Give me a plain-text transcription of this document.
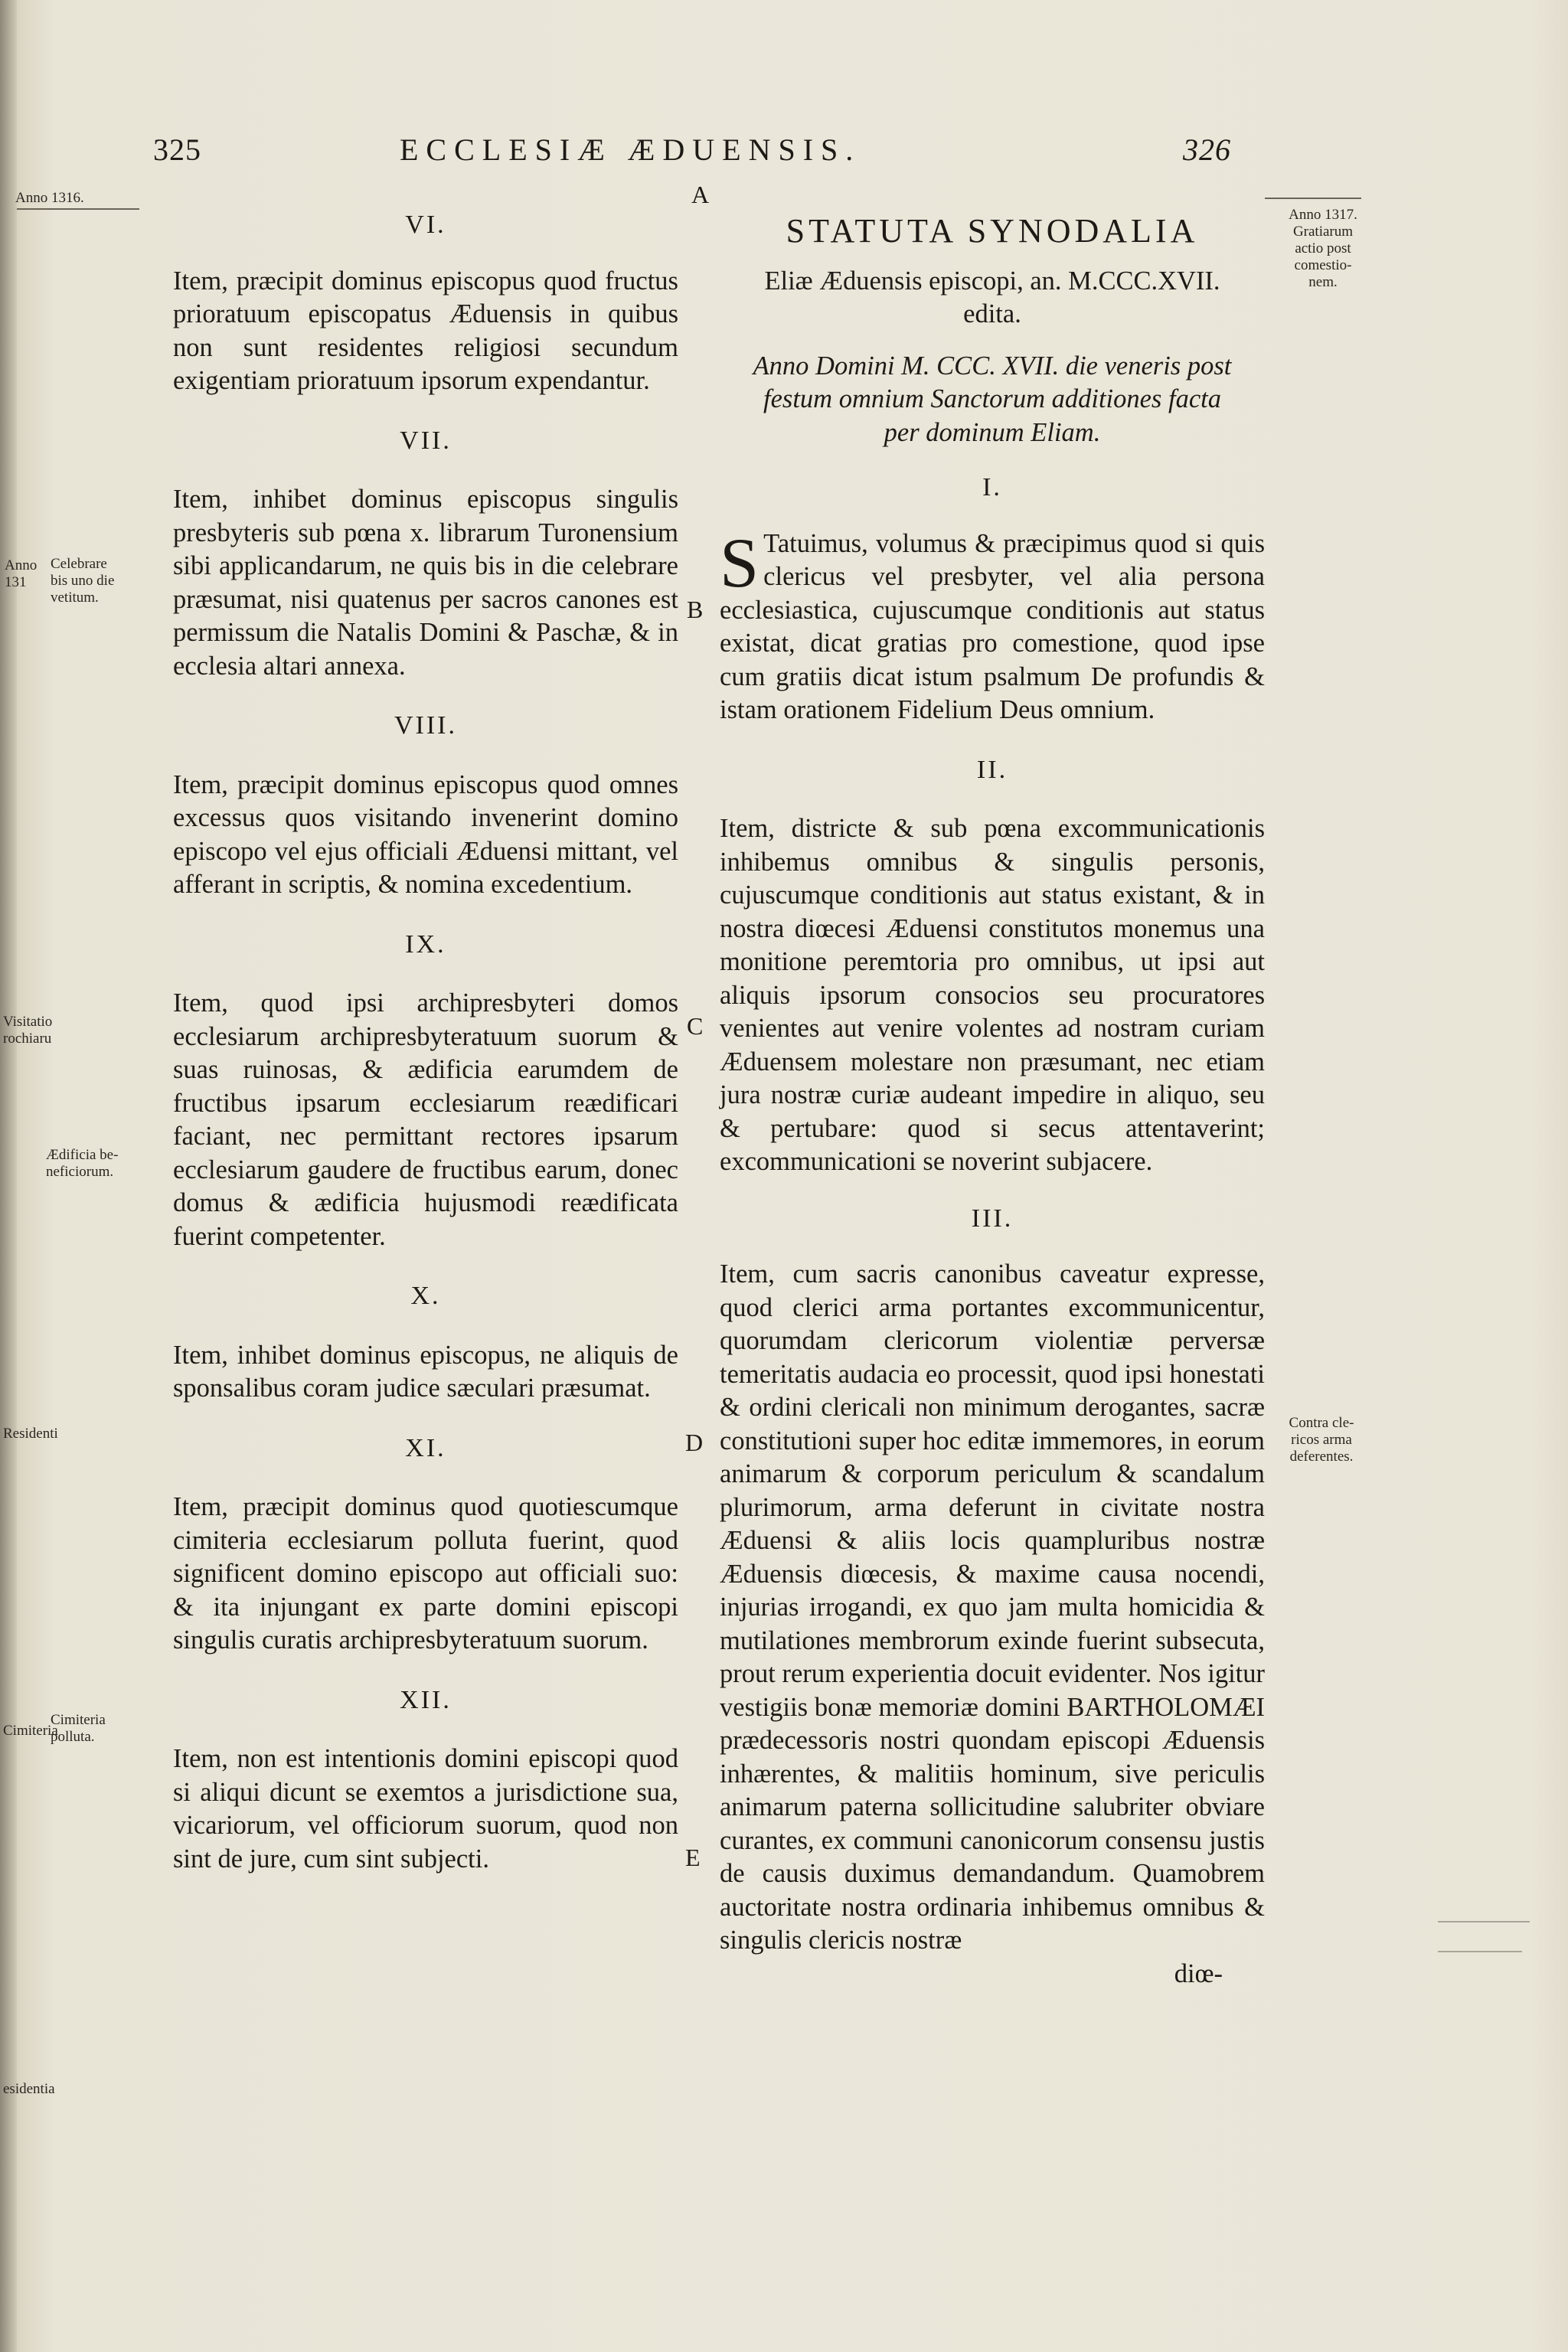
325	ECCLESIÆ ÆDUENSIS.	326
A
B
C
D
E
Anno 1316.
Anno 131
Celebrare
bis uno die
vetitum.
Visitatio
rochiaru
Ædificia be-
neficiorum.
Residenti
Cimiteria
polluta.
Cimiteria
esidentia
Anno 1317.
Gratiarum
actio post
comestio-
nem.
Contra cle-
ricos arma
deferentes.

VI.

Item, præcipit dominus episcopus quod fructus prioratuum episcopatus Æduensis in quibus non sunt residentes religiosi secundum exigentiam prioratuum ipsorum expendantur.

VII.

Item, inhibet dominus episcopus singulis presbyteris sub pœna x. librarum Turonensium sibi applicandarum, ne quis bis in die celebrare præsumat, nisi quatenus per sacros canones est permissum die Natalis Domini & Paschæ, & in ecclesia altari annexa.

VIII.

Item, præcipit dominus episcopus quod omnes excessus quos visitando invenerint domino episcopo vel ejus officiali Æduensi mittant, vel afferant in scriptis, & nomina excedentium.

IX.

Item, quod ipsi archipresbyteri domos ecclesiarum archipresbyteratuum suorum & suas ruinosas, & ædificia earumdem de fructibus ipsarum ecclesiarum reædificari faciant, nec permittant rectores ipsarum ecclesiarum gaudere de fructibus earum, donec domus & ædificia hujusmodi reædificata fuerint competenter.

X.

Item, inhibet dominus episcopus, ne aliquis de sponsalibus coram judice sæculari præsumat.

XI.

Item, præcipit dominus quod quotiescumque cimiteria ecclesiarum polluta fuerint, quod significent domino episcopo aut officiali suo: & ita injungant ex parte domini episcopi singulis curatis archipresbyteratuum suorum.

XII.

Item, non est intentionis domini episcopi quod si aliqui dicunt se exemtos a jurisdictione sua, vicariorum, vel officiorum suorum, quod non sint de jure, cum sint subjecti.

STATUTA SYNODALIA

Eliæ Æduensis episcopi, an. M.CCC.XVII.
edita.

Anno Domini M. CCC. XVII. die veneris post
festum omnium Sanctorum additiones facta
per dominum Eliam.

I.

S Tatuimus, volumus & præcipimus quod si quis clericus vel presbyter, vel alia persona ecclesiastica, cujuscumque conditionis aut status existat, dicat gratias pro comestione, quod ipse cum gratiis dicat istum psalmum De profundis & istam orationem Fidelium Deus omnium.

II.

Item, districte & sub pœna excommunicationis inhibemus omnibus & singulis personis, cujuscumque conditionis aut status existant, & in nostra diœcesi Æduensi constitutos monemus una monitione peremtoria pro omnibus, ut ipsi aut aliquis ipsorum consocios seu procuratores venientes aut venire volentes ad nostram curiam Æduensem molestare non præsumant, nec etiam jura nostræ curiæ audeant impedire in aliquo, seu & pertubare: quod si secus attentaverint; excommunicationi se noverint subjacere.

III.

Item, cum sacris canonibus caveatur expresse, quod clerici arma portantes excommunicentur, quorumdam clericorum violentiæ perversæ temeritatis audacia eo processit, quod ipsi honestati & ordini clericali non minimum derogantes, sacræ constitutioni super hoc editæ immemores, in eorum animarum & corporum periculum & scandalum plurimorum, arma deferunt in civitate nostra Æduensi & aliis locis quampluribus nostræ Æduensis diœcesis, & maxime causa nocendi, injurias irrogandi, ex quo jam multa homicidia & mutilationes membrorum exinde fuerint subsecuta, prout rerum experientia docuit evidenter. Nos igitur vestigiis bonæ memoriæ domini BARTHOLOMÆI prædecessoris nostri quondam episcopi Æduensis inhærentes, & malitiis hominum, sive periculis animarum paterna sollicitudine salubriter obviare curantes, ex communi canonicorum consensu justis de causis duximus demandandum. Quamobrem auctoritate nostra ordinaria inhibemus omnibus & singulis clericis nostræ

diœ-
